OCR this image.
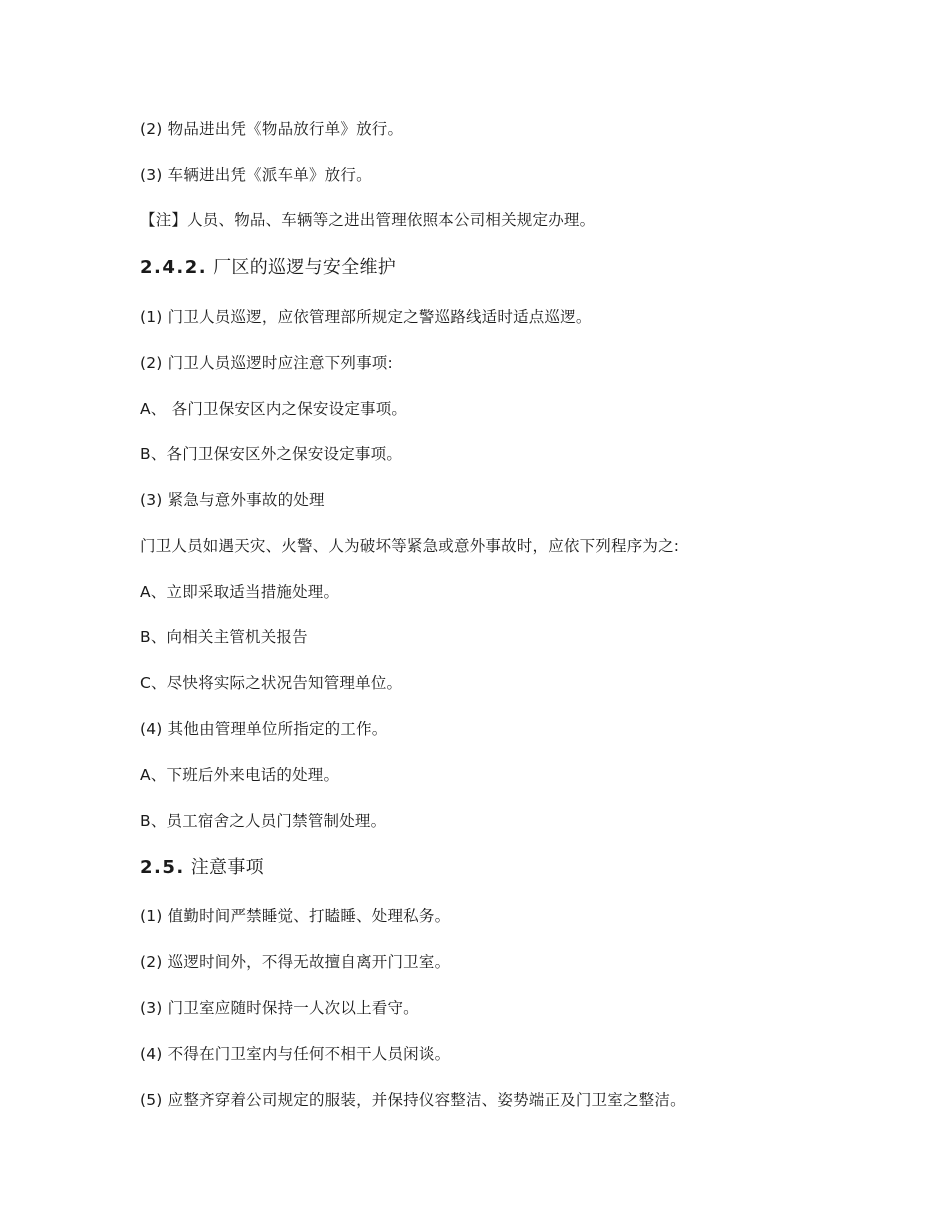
(2) 物品进出凭《物品放行单》放行。
(3) 车辆进出凭《派车单》放行。
【注】人员、物品、车辆等之进出管理依照本公司相关规定办理。
2.4.2. 厂区的巡逻与安全维护
(1) 门卫人员巡逻，应依管理部所规定之警巡路线适时适点巡逻。
(2) 门卫人员巡逻时应注意下列事项:
A、 各门卫保安区内之保安设定事项。
B、各门卫保安区外之保安设定事项。
(3) 紧急与意外事故的处理
门卫人员如遇天灾、火警、人为破坏等紧急或意外事故时，应依下列程序为之:
A、立即采取适当措施处理。
B、向相关主管机关报告
C、尽快将实际之状况告知管理单位。
(4) 其他由管理单位所指定的工作。
A、下班后外来电话的处理。
B、员工宿舍之人员门禁管制处理。
2.5. 注意事项
(1) 值勤时间严禁睡觉、打瞌睡、处理私务。
(2) 巡逻时间外，不得无故擅自离开门卫室。
(3) 门卫室应随时保持一人次以上看守。
(4) 不得在门卫室内与任何不相干人员闲谈。
(5) 应整齐穿着公司规定的服装，并保持仪容整洁、姿势端正及门卫室之整洁。
